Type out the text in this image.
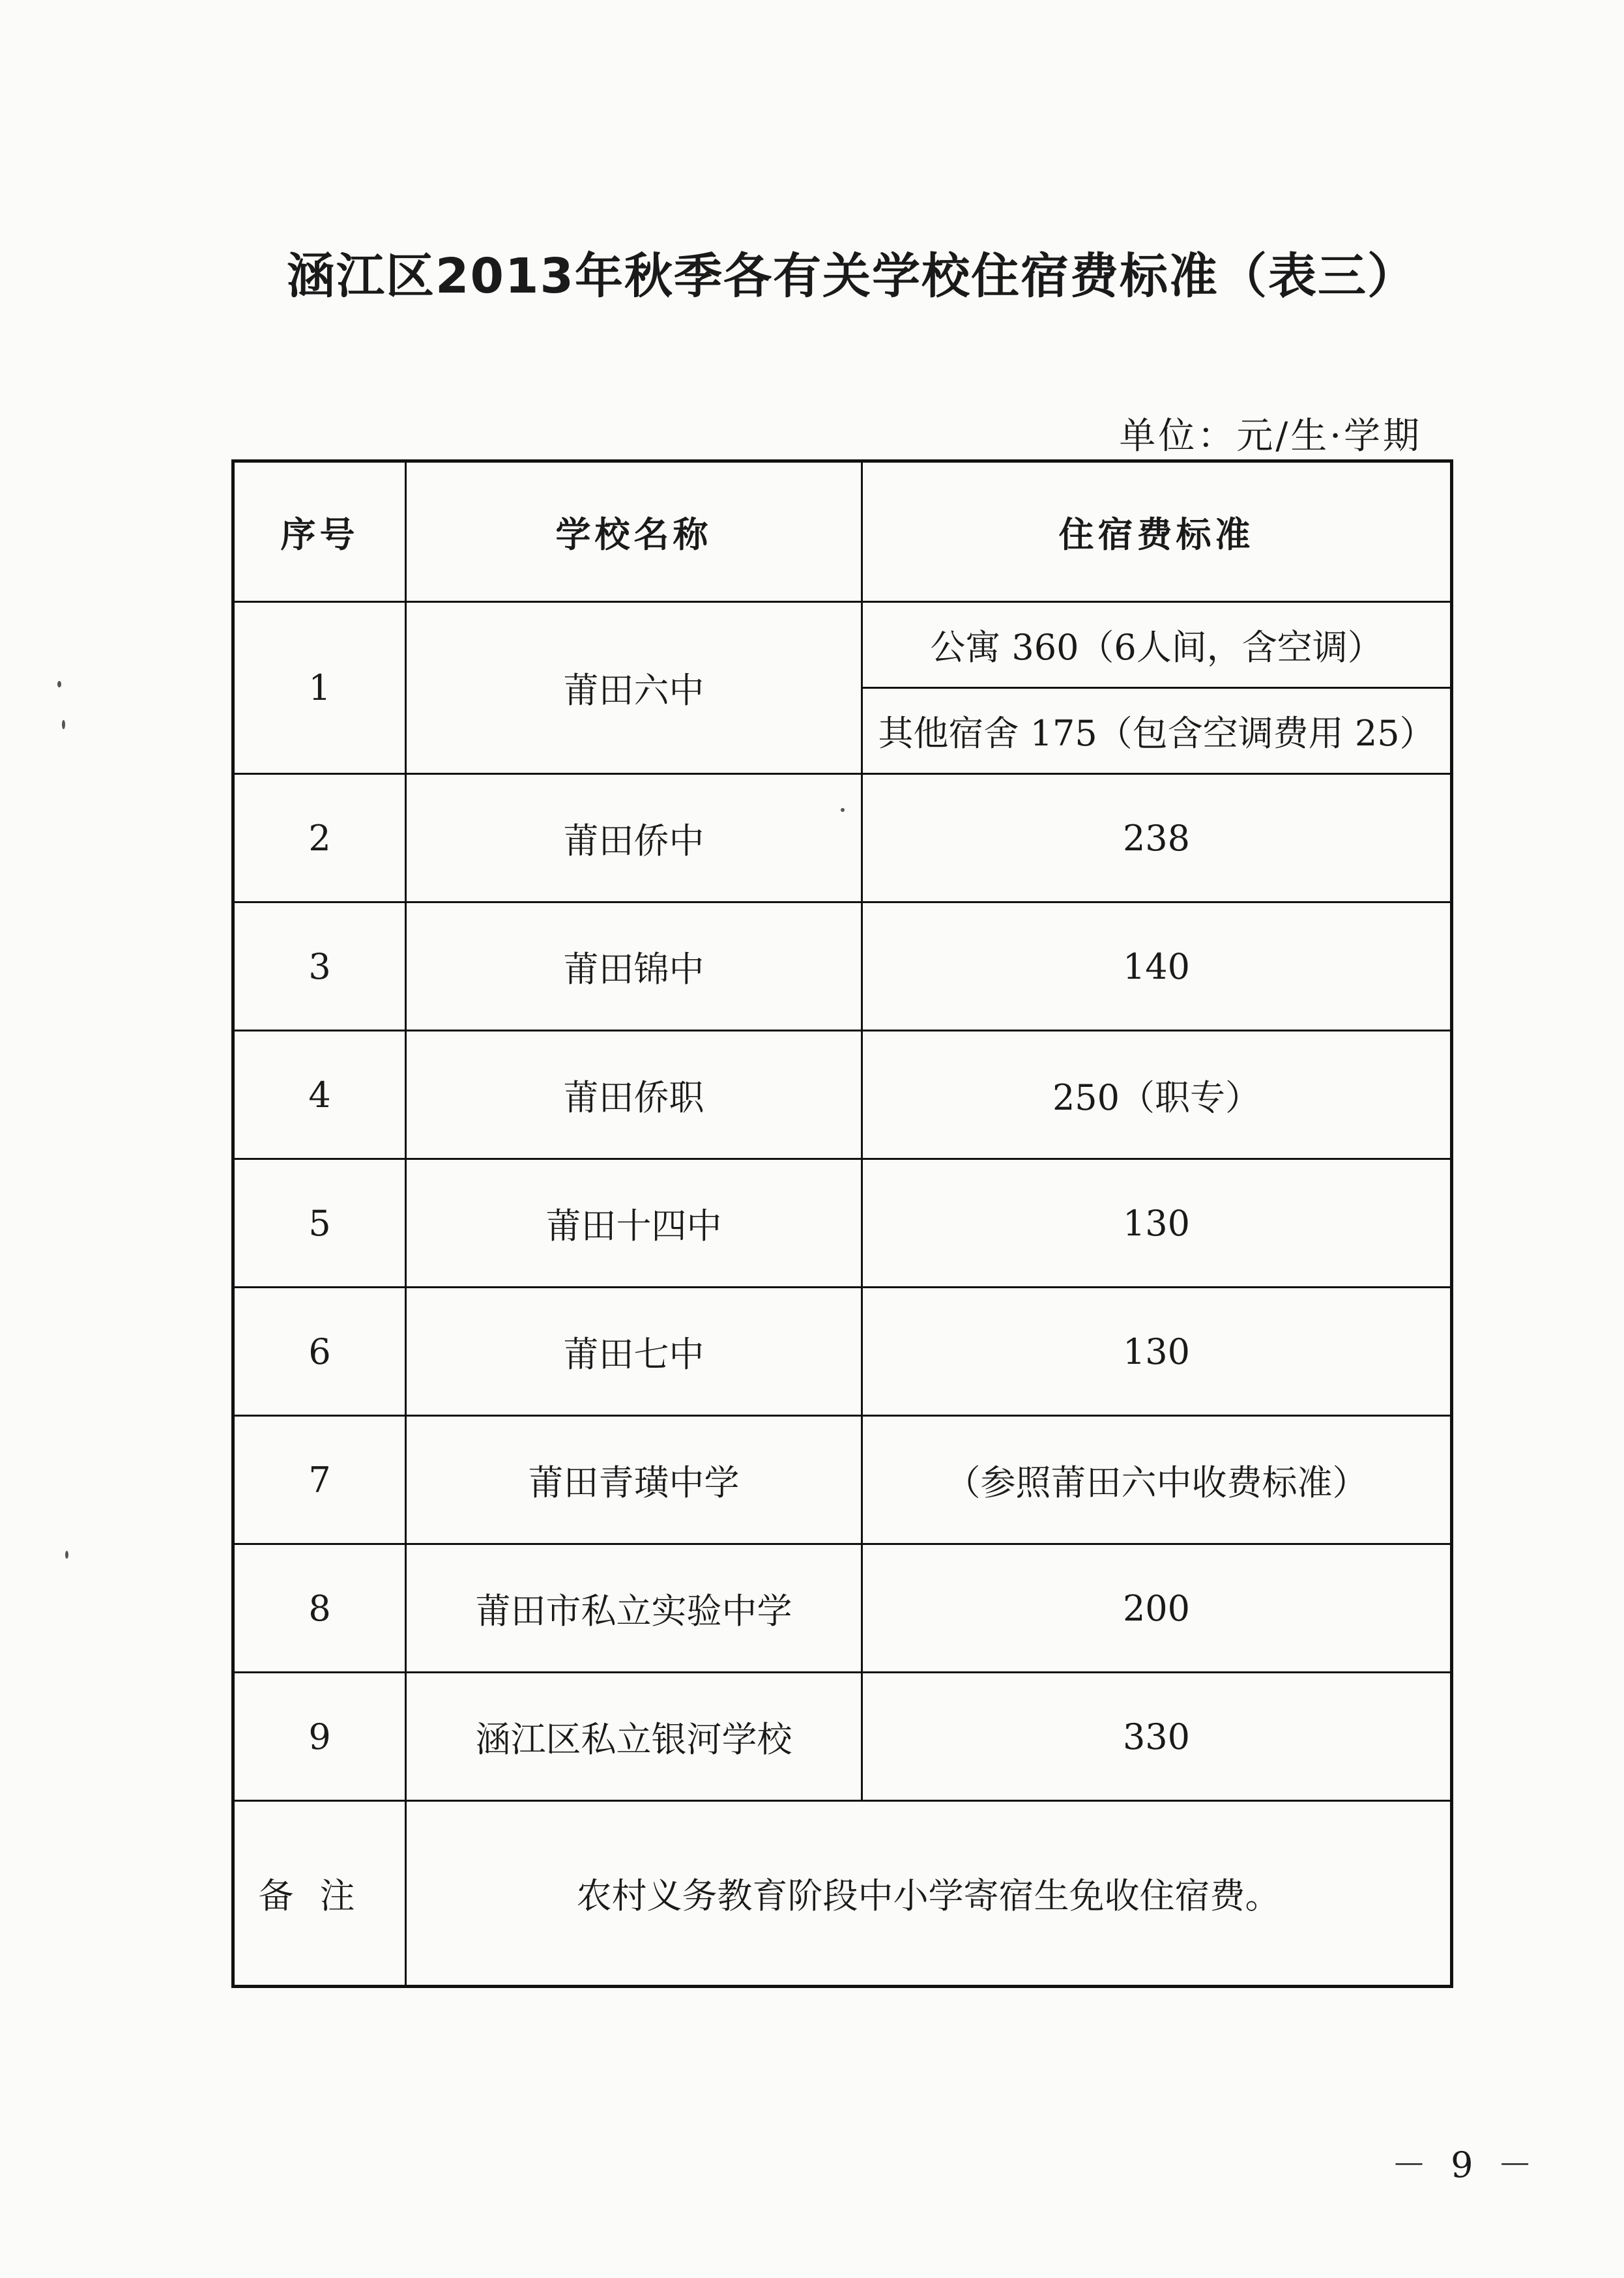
涵江区2013年秋季各有关学校住宿费标准（表三）
单位：元/生·学期
序号	学校名称	住宿费标准
1	莆田六中	公寓 360（6人间，含空调）
其他宿舍 175（包含空调费用 25）

2	莆田侨中	238
3	莆田锦中	140
4	莆田侨职	250（职专）
5	莆田十四中	130
6	莆田七中	130
7	莆田青璜中学	（参照莆田六中收费标准）
8	莆田市私立实验中学	200
9	涵江区私立银河学校	330
备注	农村义务教育阶段中小学寄宿生免收住宿费。	
－ 9 －
